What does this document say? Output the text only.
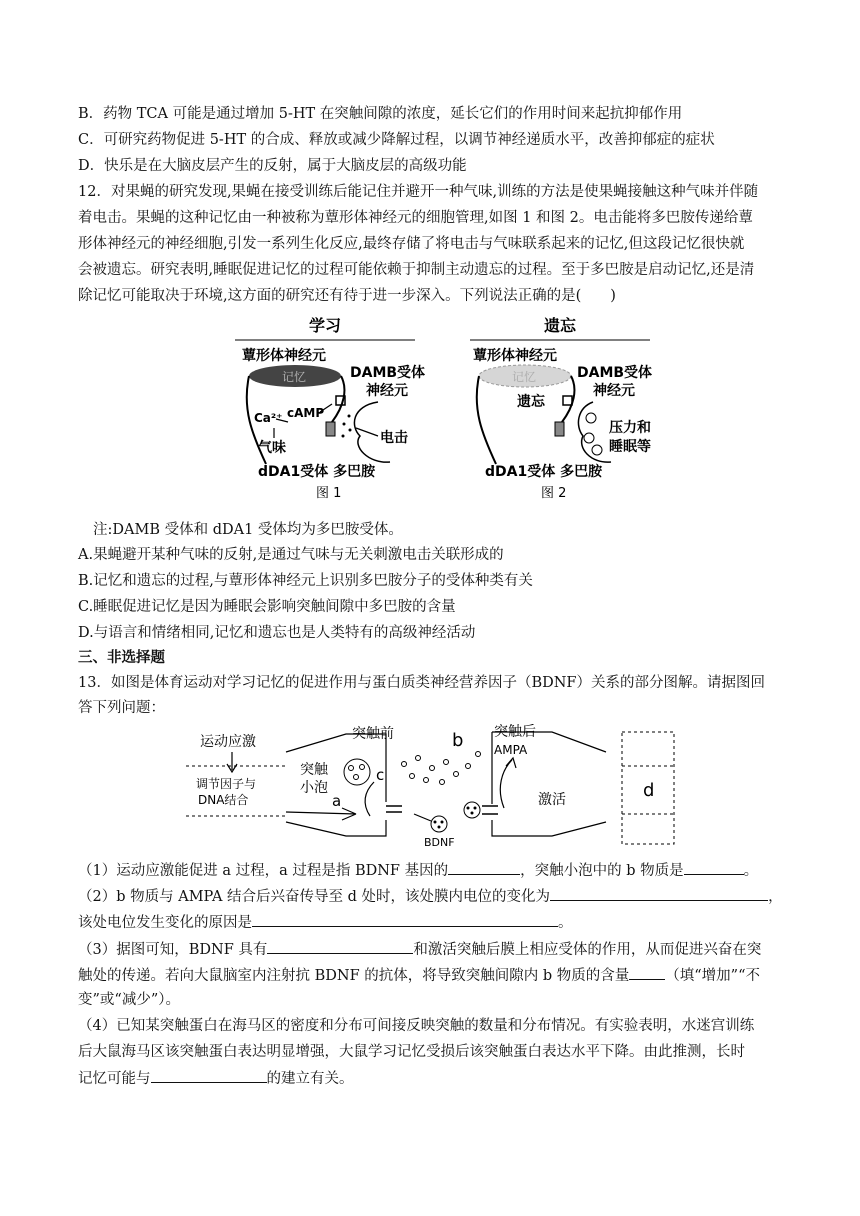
B．药物 TCA 可能是通过增加 5-HT 在突触间隙的浓度，延长它们的作用时间来起抗抑郁作用
C．可研究药物促进 5-HT 的合成、释放或减少降解过程，以调节神经递质水平，改善抑郁症的症状
D．快乐是在大脑皮层产生的反射，属于大脑皮层的高级功能
12．对果蝇的研究发现,果蝇在接受训练后能记住并避开一种气味,训练的方法是使果蝇接触这种气味并伴随
着电击。果蝇的这种记忆由一种被称为蕈形体神经元的细胞管理,如图 1 和图 2。电击能将多巴胺传递给蕈
形体神经元的神经细胞,引发一系列生化反应,最终存储了将电击与气味联系起来的记忆,但这段记忆很快就
会被遗忘。研究表明,睡眠促进记忆的过程可能依赖于抑制主动遗忘的过程。至于多巴胺是启动记忆,还是清
除记忆可能取决于环境,这方面的研究还有待于进一步深入。下列说法正确的是(　　)
学习
蕈形体神经元
记忆	DAMB受体
神经元
Ca²⁺ cAMP
气味
电击
dDA1受体 多巴胺
图 1
遗忘
蕈形体神经元
记忆	DAMB受体
神经元
遗忘
压力和
睡眠等
dDA1受体 多巴胺
图 2
注:DAMB 受体和 dDA1 受体均为多巴胺受体。
A.果蝇避开某种气味的反射,是通过气味与无关刺激电击关联形成的
B.记忆和遗忘的过程,与蕈形体神经元上识别多巴胺分子的受体种类有关
C.睡眠促进记忆是因为睡眠会影响突触间隙中多巴胺的含量
D.与语言和情绪相同,记忆和遗忘也是人类特有的高级神经活动
三、非选择题
13．如图是体育运动对学习记忆的促进作用与蛋白质类神经营养因子（BDNF）关系的部分图解。请据图回
答下列问题：
运动应激
调节因子与
DNA结合	a
突触前
突触
小泡
c
b
BDNF
突触后
AMPA
激活	d
（1）运动应激能促进 a 过程，a 过程是指 BDNF 基因的	，突触小泡中的 b 物质是	。
（2）b 物质与 AMPA 结合后兴奋传导至 d 处时，该处膜内电位的变化为	，
该处电位发生变化的原因是	。
（3）据图可知，BDNF 具有	和激活突触后膜上相应受体的作用，从而促进兴奋在突
触处的传递。若向大鼠脑室内注射抗 BDNF 的抗体，将导致突触间隙内 b 物质的含量 （填“增加”“不
变”或“减少”）。
（4）已知某突触蛋白在海马区的密度和分布可间接反映突触的数量和分布情况。有实验表明，水迷宫训练
后大鼠海马区该突触蛋白表达明显增强，大鼠学习记忆受损后该突触蛋白表达水平下降。由此推测，长时
记忆可能与	的建立有关。
